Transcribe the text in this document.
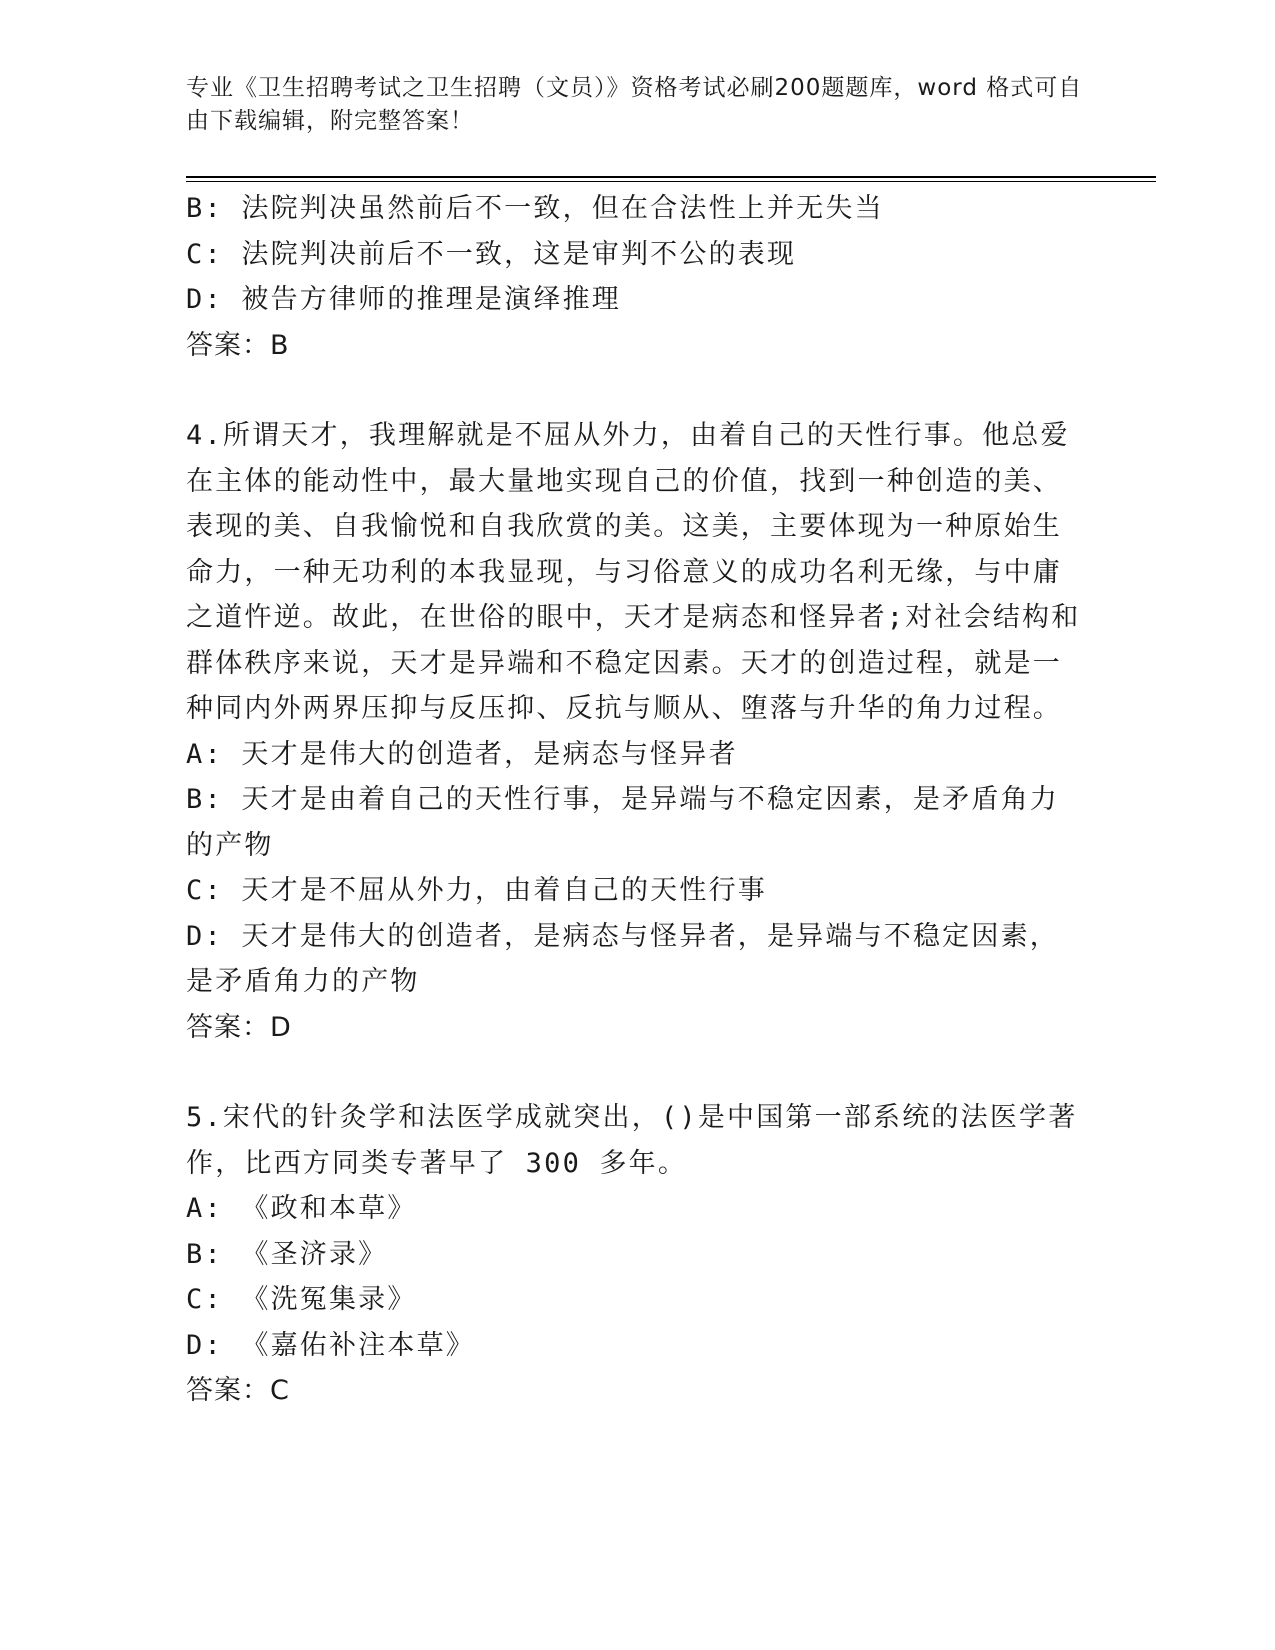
专业《卫生招聘考试之卫生招聘（文员）》资格考试必刷200题题库，word 格式可自由下载编辑，附完整答案！

B: 法院判决虽然前后不一致，但在合法性上并无失当

C: 法院判决前后不一致，这是审判不公的表现

D: 被告方律师的推理是演绎推理

答案：B

4.所谓天才，我理解就是不屈从外力，由着自己的天性行事。他总爱在主体的能动性中，最大量地实现自己的价值，找到一种创造的美、表现的美、自我愉悦和自我欣赏的美。这美，主要体现为一种原始生命力，一种无功利的本我显现，与习俗意义的成功名利无缘，与中庸之道忤逆。故此，在世俗的眼中，天才是病态和怪异者;对社会结构和群体秩序来说，天才是异端和不稳定因素。天才的创造过程，就是一种同内外两界压抑与反压抑、反抗与顺从、堕落与升华的角力过程。

A: 天才是伟大的创造者，是病态与怪异者

B: 天才是由着自己的天性行事，是异端与不稳定因素，是矛盾角力的产物

C: 天才是不屈从外力，由着自己的天性行事

D: 天才是伟大的创造者，是病态与怪异者，是异端与不稳定因素，是矛盾角力的产物

答案：D

5.宋代的针灸学和法医学成就突出，()是中国第一部系统的法医学著作，比西方同类专著早了 300 多年。

A: 《政和本草》

B: 《圣济录》

C: 《洗冤集录》

D: 《嘉佑补注本草》

答案：C
